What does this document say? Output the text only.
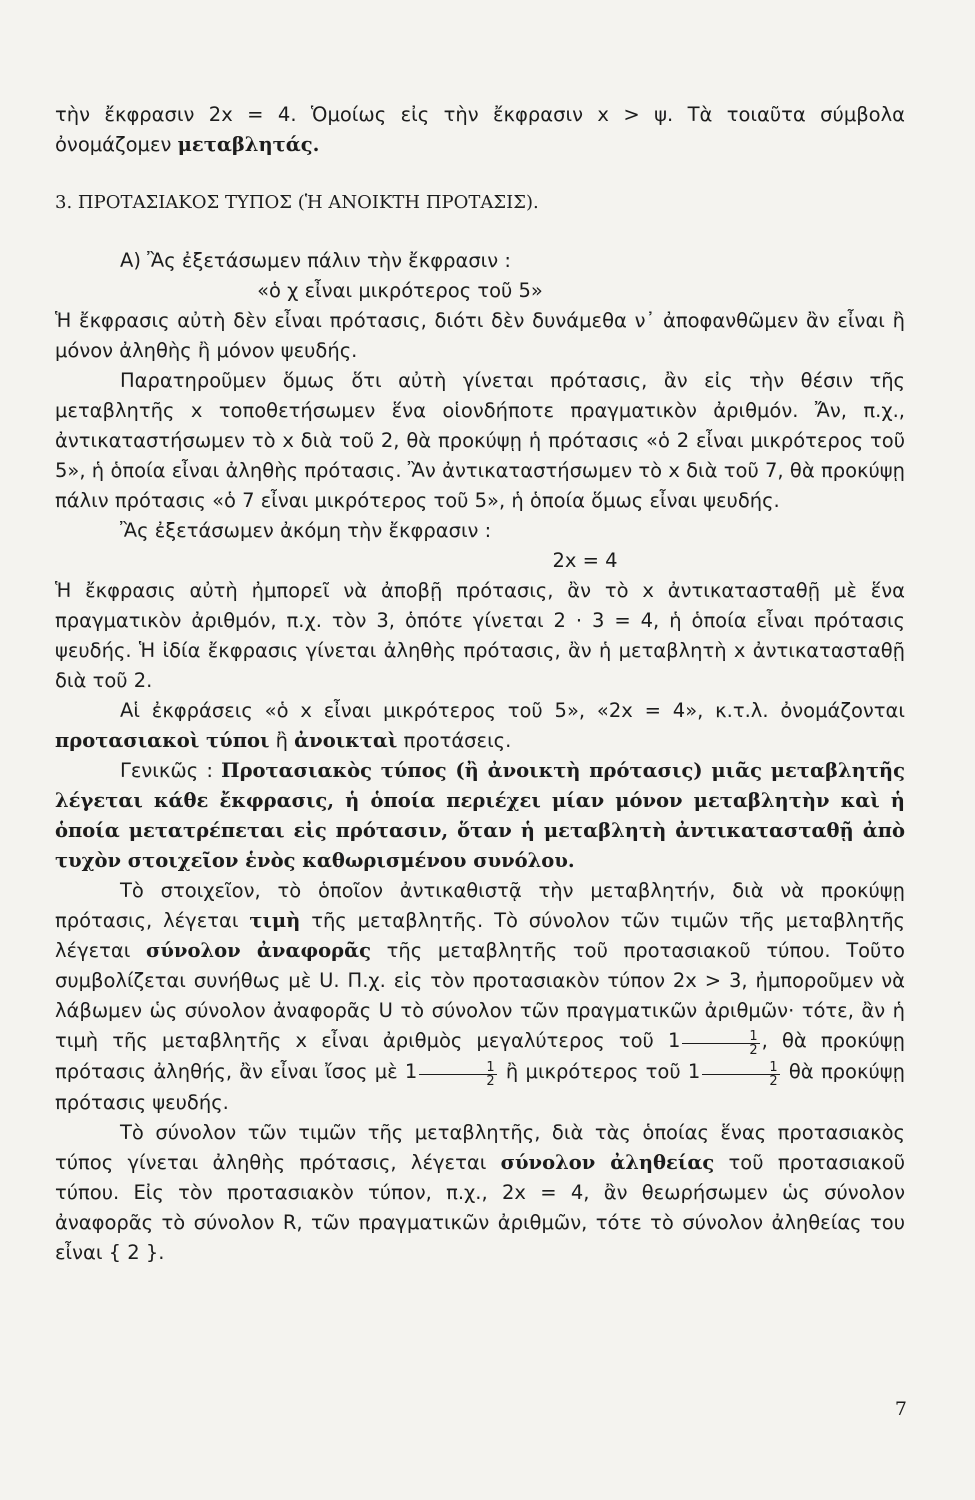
τὴν ἔκφρασιν 2x = 4. Ὁμοίως εἰς τὴν ἔκφρασιν x > ψ. Τὰ τοιαῦτα σύμβολα ὀνομάζομεν μεταβλητάς.

3. ΠΡΟΤΑΣΙΑΚΟΣ ΤΥΠΟΣ (Ἡ ΑΝΟΙΚΤΗ ΠΡΟΤΑΣΙΣ).

Α) Ἂς ἐξετάσωμεν πάλιν τὴν ἔκφρασιν :

«ὁ χ εἶναι μικρότερος τοῦ 5»

Ἡ ἔκφρασις αὐτὴ δὲν εἶναι πρότασις, διότι δὲν δυνάμεθα ν᾽ ἀποφανθῶμεν ἂν εἶναι ἢ μόνον ἀληθὴς ἢ μόνον ψευδής.

Παρατηροῦμεν ὅμως ὅτι αὐτὴ γίνεται πρότασις, ἂν εἰς τὴν θέσιν τῆς μεταβλητῆς x τοποθετήσωμεν ἕνα οἱονδήποτε πραγματικὸν ἀριθμόν. Ἄν, π.χ., ἀντικαταστήσωμεν τὸ x διὰ τοῦ 2, θὰ προκύψῃ ἡ πρότασις «ὁ 2 εἶναι μικρότερος τοῦ 5», ἡ ὁποία εἶναι ἀληθὴς πρότασις. Ἂν ἀντικαταστήσωμεν τὸ x διὰ τοῦ 7, θὰ προκύψῃ πάλιν πρότασις «ὁ 7 εἶναι μικρότερος τοῦ 5», ἡ ὁποία ὅμως εἶναι ψευδής.

Ἂς ἐξετάσωμεν ἀκόμη τὴν ἔκφρασιν :

2x = 4

Ἡ ἔκφρασις αὐτὴ ἠμπορεῖ νὰ ἀποβῇ πρότασις, ἂν τὸ x ἀντικατασταθῇ μὲ ἕνα πραγματικὸν ἀριθμόν, π.χ. τὸν 3, ὁπότε γίνεται 2 · 3 = 4, ἡ ὁποία εἶναι πρότασις ψευδής. Ἡ ἰδία ἔκφρασις γίνεται ἀληθὴς πρότασις, ἂν ἡ μεταβλητὴ x ἀντικατασταθῇ διὰ τοῦ 2.

Αἱ ἐκφράσεις «ὁ x εἶναι μικρότερος τοῦ 5», «2x = 4», κ.τ.λ. ὀνομάζονται προτασιακοὶ τύποι ἢ ἀνοικταὶ προτάσεις.

Γενικῶς : Προτασιακὸς τύπος (ἢ ἀνοικτὴ πρότασις) μιᾶς μεταβλητῆς λέγεται κάθε ἔκφρασις, ἡ ὁποία περιέχει μίαν μόνον μεταβλητὴν καὶ ἡ ὁποία μετατρέπεται εἰς πρότασιν, ὅταν ἡ μεταβλητὴ ἀντικατασταθῇ ἀπὸ τυχὸν στοιχεῖον ἑνὸς καθωρισμένου συνόλου.

Τὸ στοιχεῖον, τὸ ὁποῖον ἀντικαθιστᾷ τὴν μεταβλητήν, διὰ νὰ προκύψῃ πρότασις, λέγεται τιμὴ τῆς μεταβλητῆς. Τὸ σύνολον τῶν τιμῶν τῆς μεταβλητῆς λέγεται σύνολον ἀναφορᾶς τῆς μεταβλητῆς τοῦ προτασιακοῦ τύπου. Τοῦτο συμβολίζεται συνήθως μὲ U. Π.χ. εἰς τὸν προτασιακὸν τύπον 2x > 3, ἠμποροῦμεν νὰ λάβωμεν ὡς σύνολον ἀναφορᾶς U τὸ σύνολον τῶν πραγματικῶν ἀριθμῶν· τότε, ἂν ἡ τιμὴ τῆς μεταβλητῆς x εἶναι ἀριθμὸς μεγαλύτερος τοῦ $1 \frac{1}{2}$ , θὰ προκύψῃ πρότασις ἀληθής, ἂν εἶναι ἴσος μὲ $1 \frac{1}{2}$ ἢ μικρότερος τοῦ $1 \frac{1}{2}$ θὰ προκύψῃ πρότασις ψευδής.

Τὸ σύνολον τῶν τιμῶν τῆς μεταβλητῆς, διὰ τὰς ὁποίας ἕνας προτασιακὸς τύπος γίνεται ἀληθὴς πρότασις, λέγεται σύνολον ἀληθείας τοῦ προτασιακοῦ τύπου. Εἰς τὸν προτασιακὸν τύπον, π.χ., 2x = 4, ἂν θεωρήσωμεν ὡς σύνολον ἀναφορᾶς τὸ σύνολον R, τῶν πραγματικῶν ἀριθμῶν, τότε τὸ σύνολον ἀληθείας του εἶναι { 2 }.

7
